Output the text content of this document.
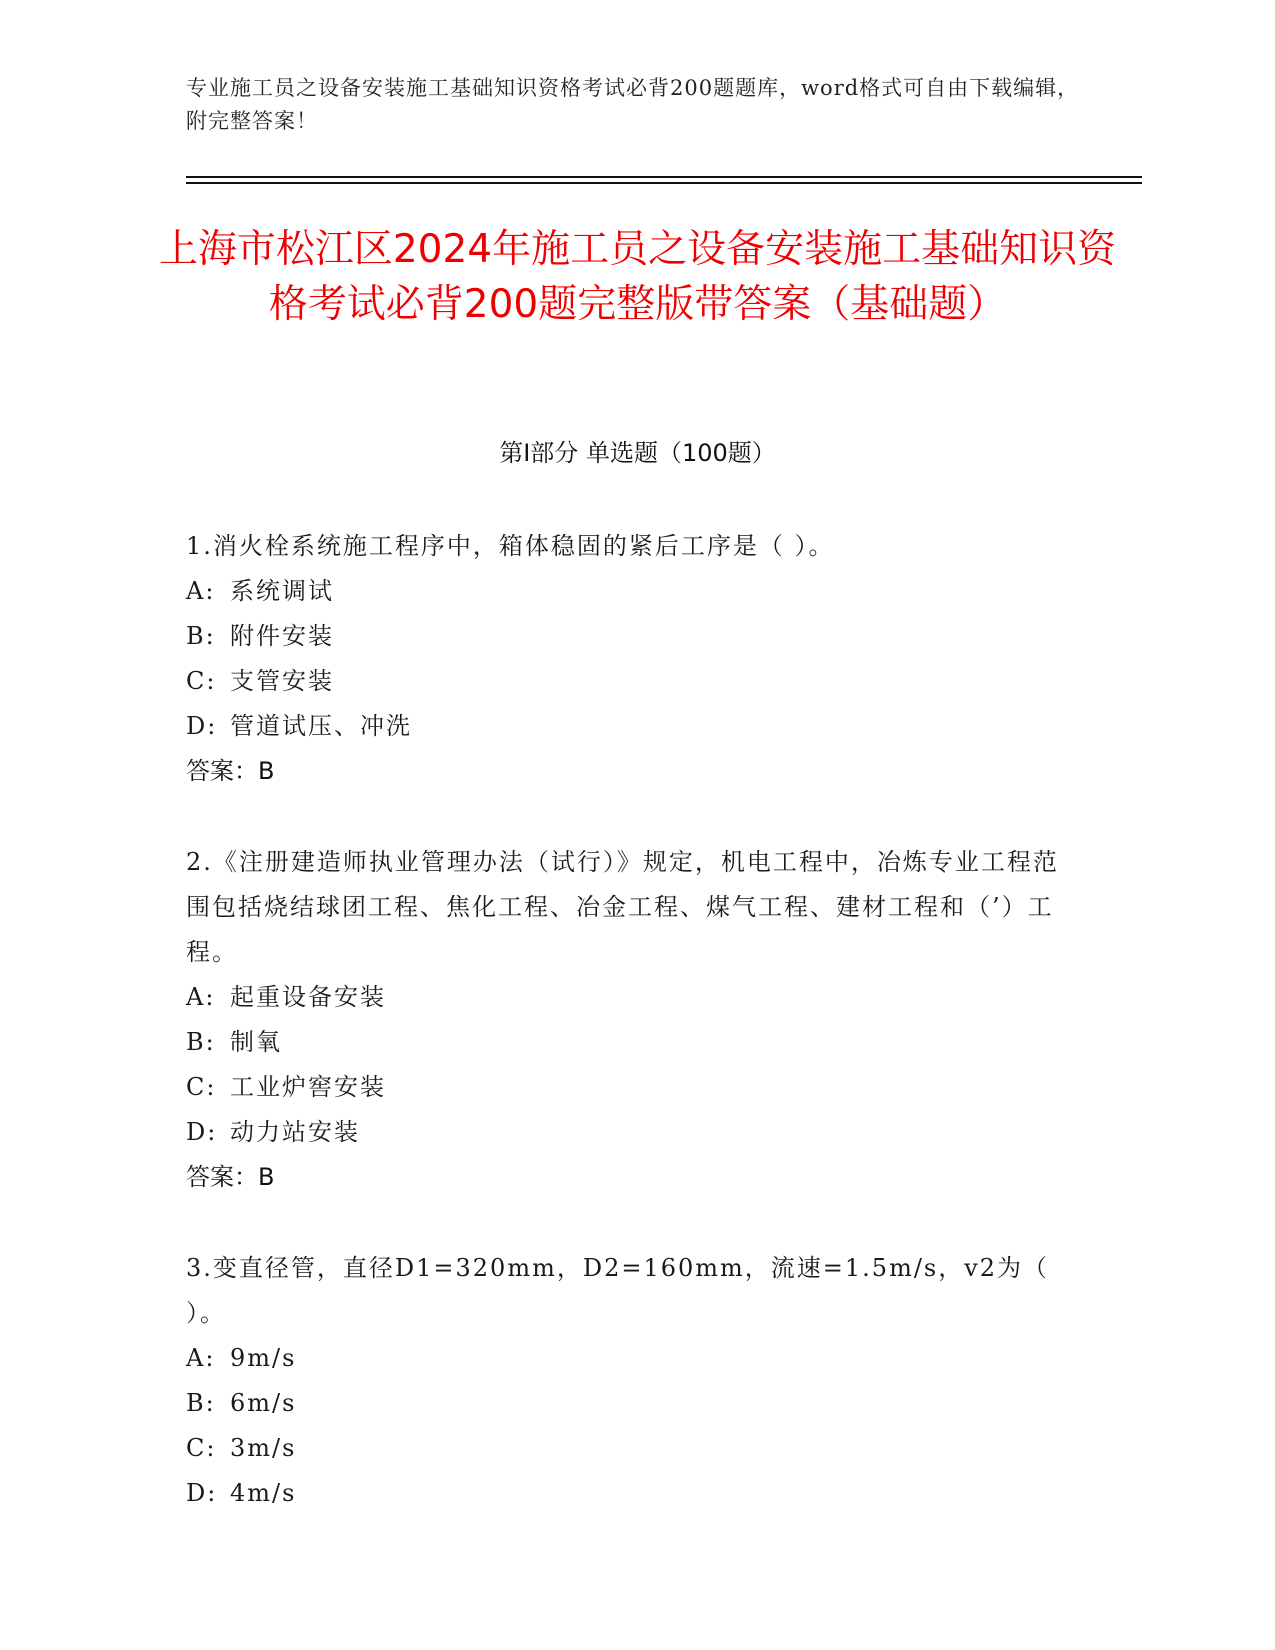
专业施工员之设备安装施工基础知识资格考试必背200题题库，word格式可自由下载编辑，附完整答案！
上海市松江区2024年施工员之设备安装施工基础知识资格考试必背200题完整版带答案（基础题）
第I部分 单选题（100题）
1.消火栓系统施工程序中，箱体稳固的紧后工序是（ ）。
A: 系统调试
B: 附件安装
C: 支管安装
D: 管道试压、冲洗
答案：B
2.《注册建造师执业管理办法（试行）》规定，机电工程中，冶炼专业工程范围包括烧结球团工程、焦化工程、冶金工程、煤气工程、建材工程和（’）工程。
A: 起重设备安装
B: 制氧
C: 工业炉窖安装
D: 动力站安装
答案：B
3.变直径管，直径D1=320mm，D2=160mm，流速=1.5m/s，v2为（ ）。
A: 9m/s
B: 6m/s
C: 3m/s
D: 4m/s
